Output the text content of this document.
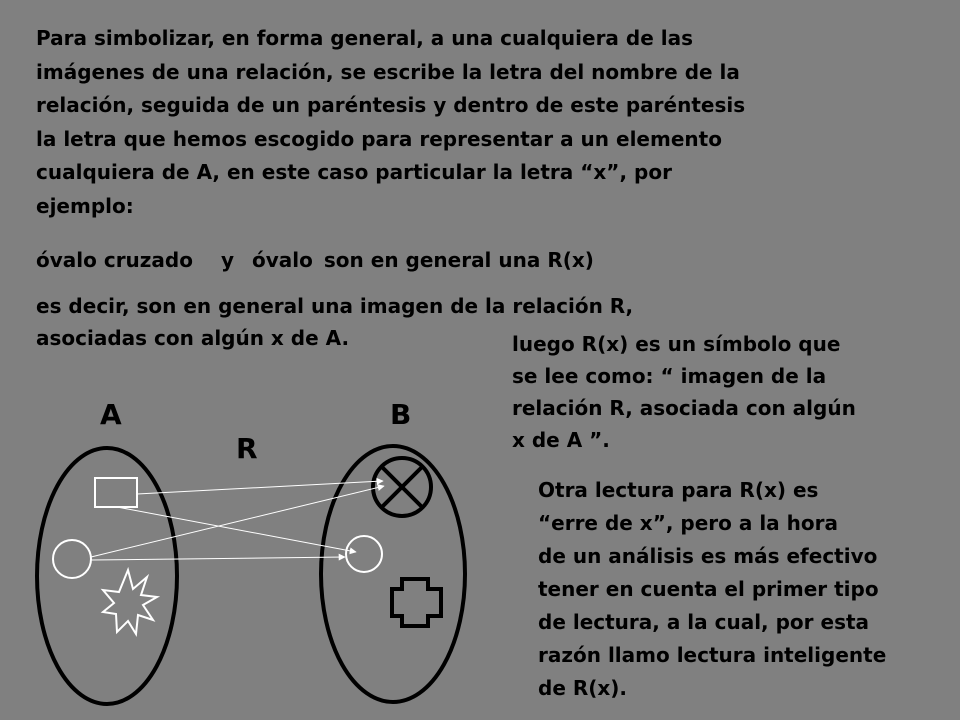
Para simbolizar, en forma general, a una cualquiera de las
imágenes de una relación, se escribe la letra del nombre de la
relación, seguida de un paréntesis y dentro de este paréntesis
la letra que hemos escogido para representar a un elemento
cualquiera de A, en este caso particular la letra “x”, por
ejemplo:
óvalo cruzado y óvalo son en general una R(x)
es decir, son en general una imagen de la relación R,
asociadas con algún x de A.	luego R(x) es un símbolo que
se lee como: “ imagen de la
relación R, asociada con algún
x de A ”.
Otra lectura para R(x) es
“erre de x”, pero a la hora
de un análisis es más efectivo
tener en cuenta el primer tipo
de lectura, a la cual, por esta
razón llamo lectura inteligente
de R(x).
A	B
R
